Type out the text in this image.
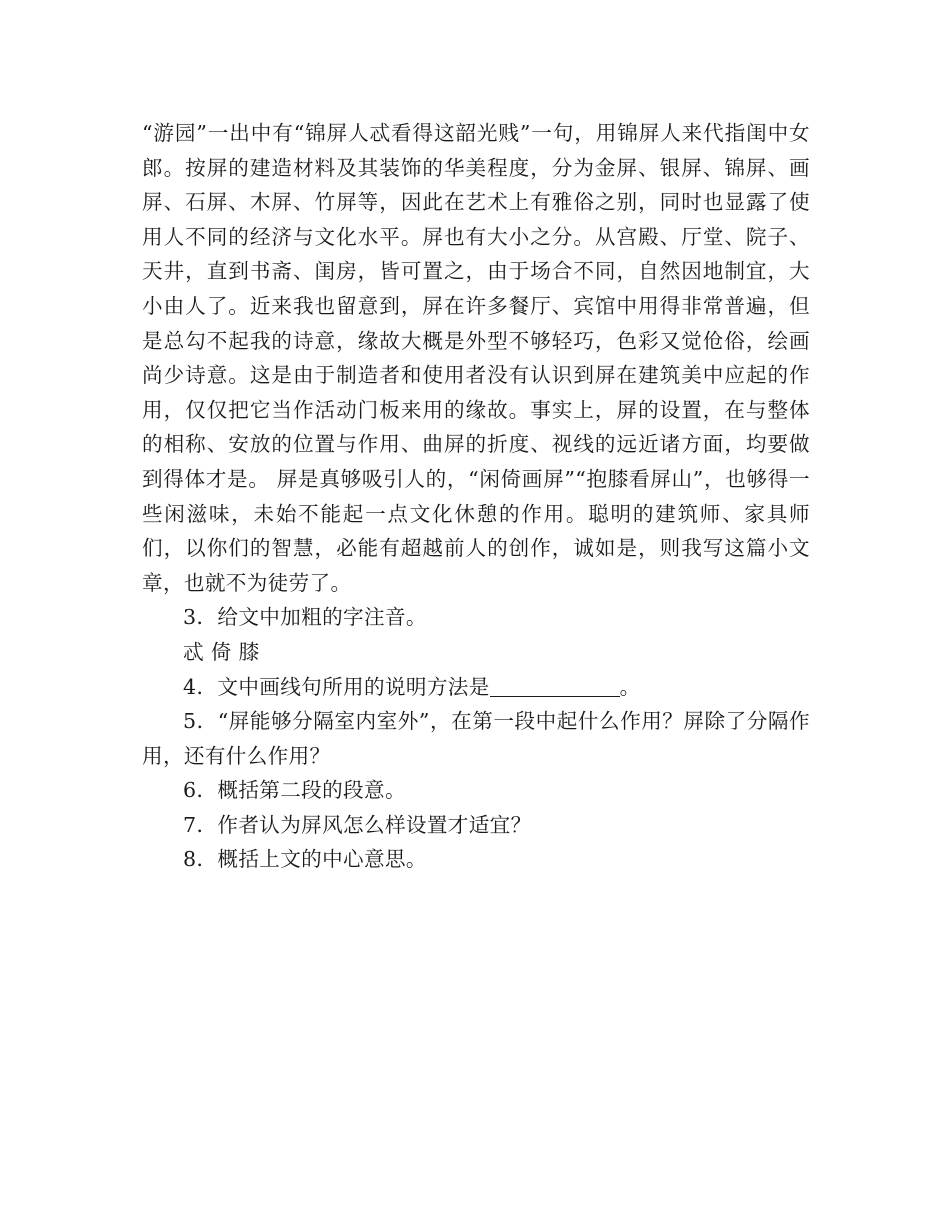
“游园”一出中有“锦屏人忒看得这韶光贱”一句，用锦屏人来代指闺中女郎。按屏的建造材料及其装饰的华美程度，分为金屏、银屏、锦屏、画屏、石屏、木屏、竹屏等，因此在艺术上有雅俗之别，同时也显露了使用人不同的经济与文化水平。屏也有大小之分。从宫殿、厅堂、院子、天井，直到书斋、闺房，皆可置之，由于场合不同，自然因地制宜，大小由人了。近来我也留意到，屏在许多餐厅、宾馆中用得非常普遍，但是总勾不起我的诗意，缘故大概是外型不够轻巧，色彩又觉伧俗，绘画尚少诗意。这是由于制造者和使用者没有认识到屏在建筑美中应起的作用，仅仅把它当作活动门板来用的缘故。事实上，屏的设置，在与整体的相称、安放的位置与作用、曲屏的折度、视线的远近诸方面，均要做到得体才是。 屏是真够吸引人的，“闲倚画屏”“抱膝看屏山”，也够得一些闲滋味，未始不能起一点文化休憩的作用。聪明的建筑师、家具师们，以你们的智慧，必能有超越前人的创作，诚如是，则我写这篇小文章，也就不为徒劳了。

3．给文中加粗的字注音。

忒 倚 膝

4．文中画线句所用的说明方法是	。

5．“屏能够分隔室内室外”，在第一段中起什么作用？屏除了分隔作用，还有什么作用？

6．概括第二段的段意。

7．作者认为屏风怎么样设置才适宜？

8．概括上文的中心意思。
